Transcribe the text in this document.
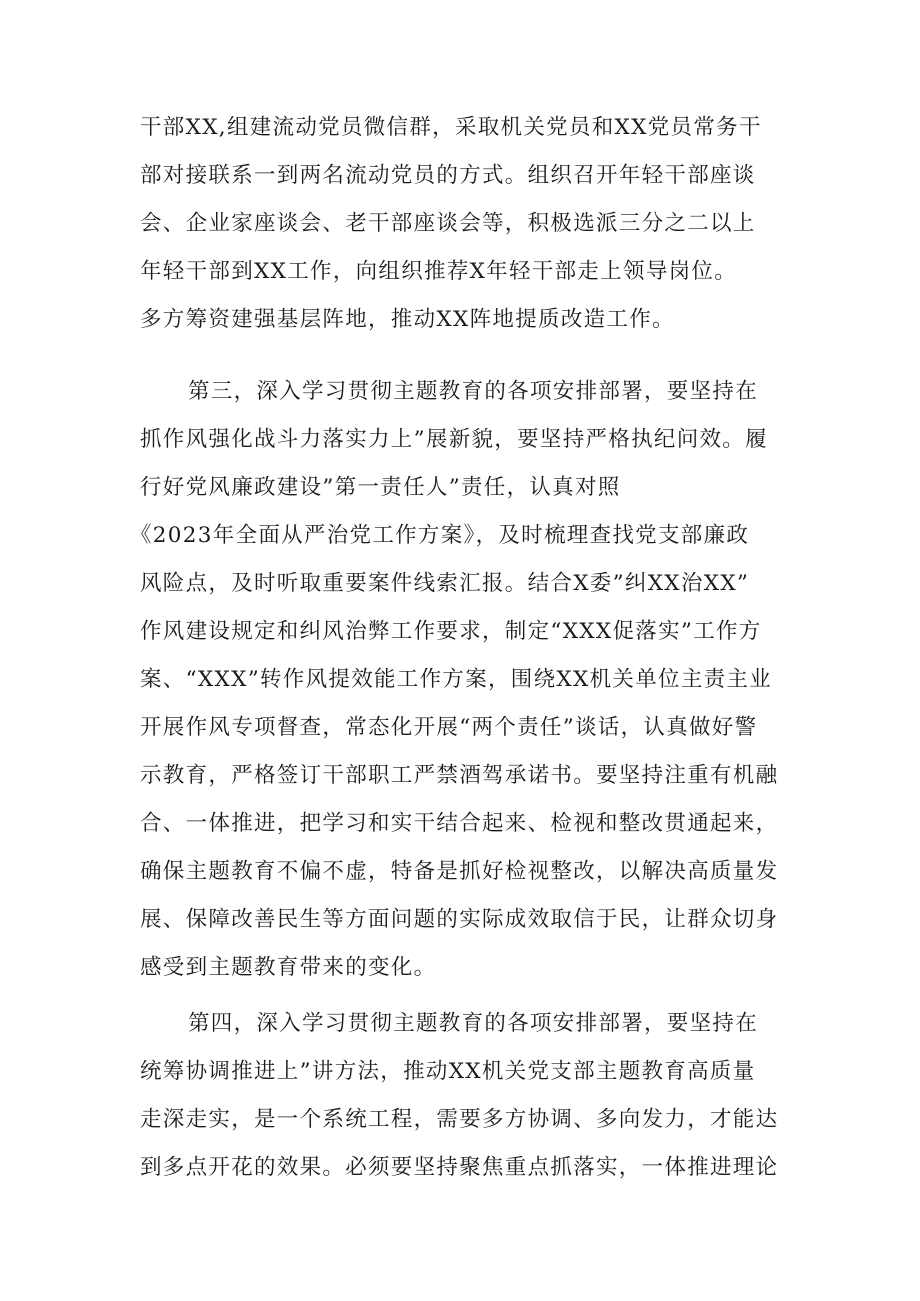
干部XX,组建流动党员微信群，采取机关党员和XX党员常务干
部对接联系一到两名流动党员的方式。组织召开年轻干部座谈
会、企业家座谈会、老干部座谈会等，积极选派三分之二以上
年轻干部到XX工作，向组织推荐X年轻干部走上领导岗位。
多方筹资建强基层阵地，推动XX阵地提质改造工作。
第三，深入学习贯彻主题教育的各项安排部署，要坚持在
抓作风强化战斗力落实力上”展新貌，要坚持严格执纪问效。履
行好党风廉政建设”第一责任人”责任，认真对照
《2023年全面从严治党工作方案》，及时梳理查找党支部廉政
风险点，及时听取重要案件线索汇报。结合X委”纠XX治XX”
作风建设规定和纠风治弊工作要求，制定“XXX促落实”工作方
案、“XXX”转作风提效能工作方案，围绕XX机关单位主责主业
开展作风专项督查，常态化开展“两个责任”谈话，认真做好警
示教育，严格签订干部职工严禁酒驾承诺书。要坚持注重有机融
合、一体推进，把学习和实干结合起来、检视和整改贯通起来，
确保主题教育不偏不虚，特备是抓好检视整改，以解决高质量发
展、保障改善民生等方面问题的实际成效取信于民，让群众切身
感受到主题教育带来的变化。
第四，深入学习贯彻主题教育的各项安排部署，要坚持在
统筹协调推进上”讲方法，推动XX机关党支部主题教育高质量
走深走实，是一个系统工程，需要多方协调、多向发力，才能达
到多点开花的效果。必须要坚持聚焦重点抓落实，一体推进理论
